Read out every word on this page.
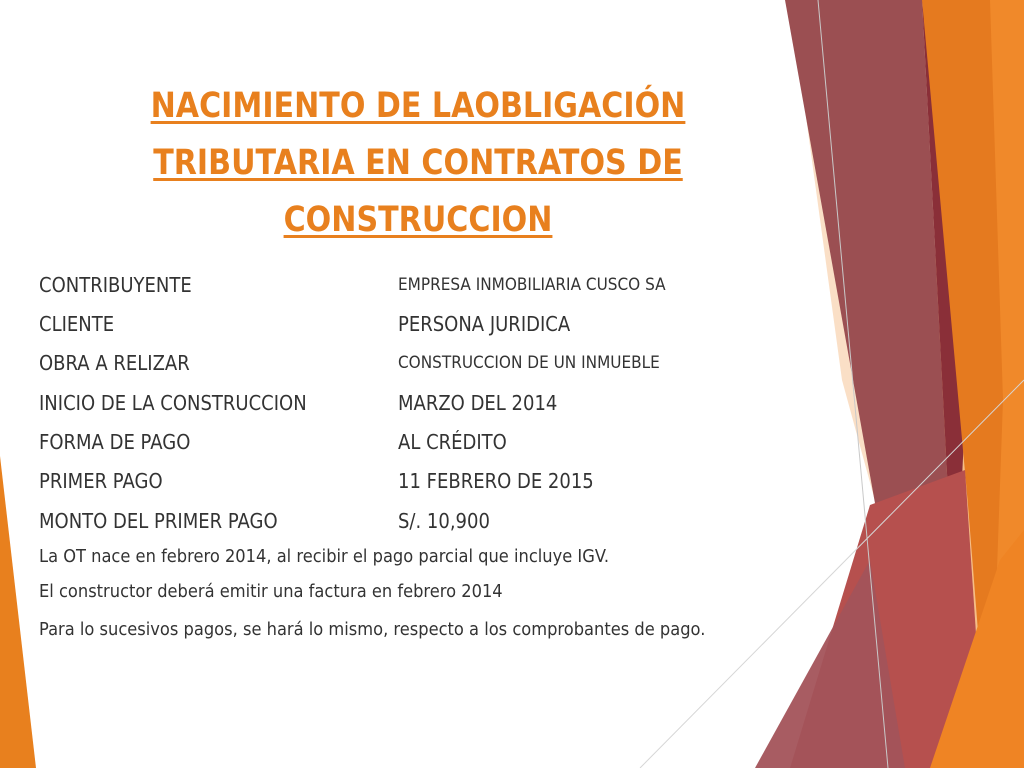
NACIMIENTO DE LAOBLIGACIÓN TRIBUTARIA EN CONTRATOS DE CONSTRUCCION
CONTRIBUYENTE	EMPRESA INMOBILIARIA CUSCO SA
CLIENTE	PERSONA JURIDICA
OBRA A RELIZAR	CONSTRUCCION DE UN INMUEBLE
INICIO DE LA CONSTRUCCION	MARZO DEL 2014
FORMA DE PAGO	AL CRÉDITO
PRIMER PAGO	11 FEBRERO DE 2015
MONTO DEL PRIMER PAGO	S/. 10,900
La OT nace en febrero 2014, al recibir el pago parcial que incluye IGV.
El constructor deberá emitir una factura en febrero 2014
Para lo sucesivos pagos, se hará lo mismo, respecto a los comprobantes de pago.
